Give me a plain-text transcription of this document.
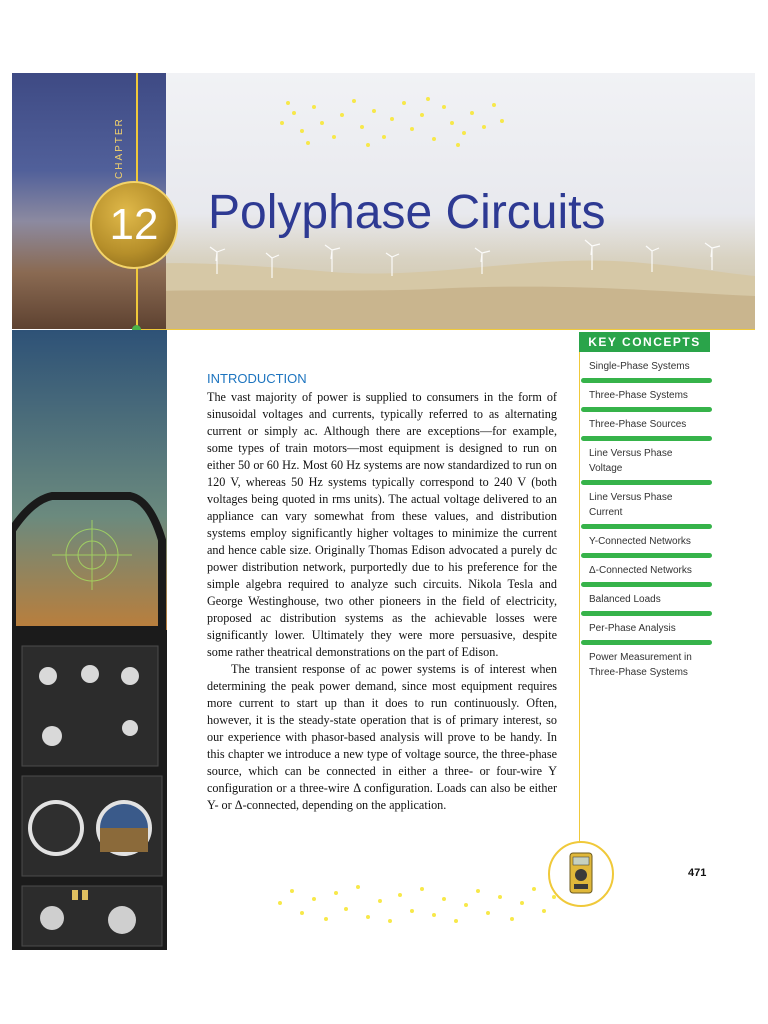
CHAPTER
12	Polyphase Circuits
KEY CONCEPTS
Single-Phase Systems
Three-Phase Systems
Three-Phase Sources
Line Versus Phase Voltage
Line Versus Phase Current
Y-Connected Networks
Δ-Connected Networks
Balanced Loads
Per-Phase Analysis
Power Measurement in Three-Phase Systems
INTRODUCTION

The vast majority of power is supplied to consumers in the form of sinusoidal voltages and currents, typically referred to as alternating current or simply ac. Although there are exceptions—for example, some types of train motors—most equipment is designed to run on either 50 or 60 Hz. Most 60 Hz systems are now standardized to run on 120 V, whereas 50 Hz systems typically correspond to 240 V (both voltages being quoted in rms units). The actual voltage delivered to an appliance can vary somewhat from these values, and distribution systems employ significantly higher voltages to minimize the current and hence cable size. Originally Thomas Edison advocated a purely dc power distribution network, purportedly due to his preference for the simple algebra required to analyze such circuits. Nikola Tesla and George Westinghouse, two other pioneers in the field of electricity, proposed ac distribution systems as the achievable losses were significantly lower. Ultimately they were more persuasive, despite some rather theatrical demonstrations on the part of Edison.

The transient response of ac power systems is of interest when determining the peak power demand, since most equipment requires more current to start up than it does to run continuously. Often, however, it is the steady-state operation that is of primary interest, so our experience with phasor-based analysis will prove to be handy. In this chapter we introduce a new type of voltage source, the three-phase source, which can be connected in either a three- or four-wire Y configuration or a three-wire Δ configuration. Loads can also be either Y- or Δ-connected, depending on the application.

471
